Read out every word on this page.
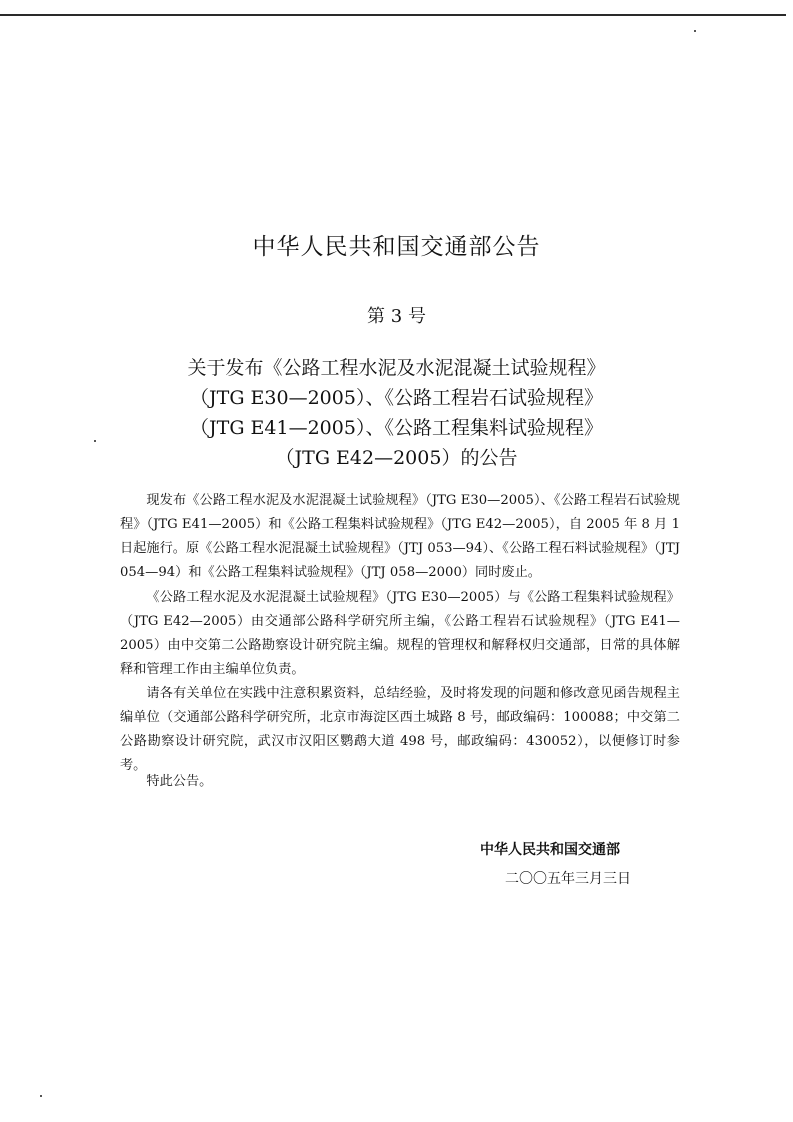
中华人民共和国交通部公告
第 3 号
关于发布《公路工程水泥及水泥混凝土试验规程》
（JTG E30—2005）、《公路工程岩石试验规程》
（JTG E41—2005）、《公路工程集料试验规程》
（JTG E42—2005）的公告

现发布《公路工程水泥及水泥混凝土试验规程》（JTG E30—2005）、《公路工程岩石试验规程》（JTG E41—2005）和《公路工程集料试验规程》（JTG E42—2005），自 2005 年 8 月 1 日起施行。原《公路工程水泥混凝土试验规程》（JTJ 053—94）、《公路工程石料试验规程》（JTJ 054—94）和《公路工程集料试验规程》（JTJ 058—2000）同时废止。

《公路工程水泥及水泥混凝土试验规程》（JTG E30—2005）与《公路工程集料试验规程》（JTG E42—2005）由交通部公路科学研究所主编，《公路工程岩石试验规程》（JTG E41—2005）由中交第二公路勘察设计研究院主编。规程的管理权和解释权归交通部，日常的具体解释和管理工作由主编单位负责。

请各有关单位在实践中注意积累资料，总结经验，及时将发现的问题和修改意见函告规程主编单位（交通部公路科学研究所，北京市海淀区西土城路 8 号，邮政编码：100088；中交第二公路勘察设计研究院，武汉市汉阳区鹦鹉大道 498 号，邮政编码：430052），以便修订时参考。

特此公告。

中华人民共和国交通部
二〇〇五年三月三日
